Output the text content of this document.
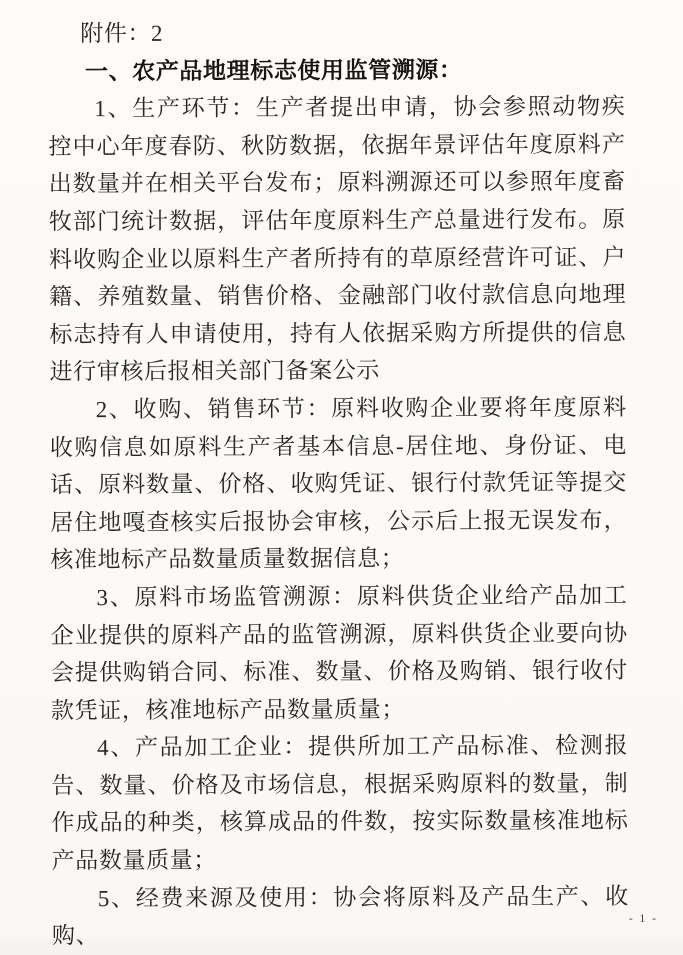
附件：2

一、农产品地理标志使用监管溯源：

1、生产环节：生产者提出申请，协会参照动物疾控中心年度春防、秋防数据，依据年景评估年度原料产出数量并在相关平台发布；原料溯源还可以参照年度畜牧部门统计数据，评估年度原料生产总量进行发布。原料收购企业以原料生产者所持有的草原经营许可证、户籍、养殖数量、销售价格、金融部门收付款信息向地理标志持有人申请使用，持有人依据采购方所提供的信息进行审核后报相关部门备案公示

2、收购、销售环节：原料收购企业要将年度原料收购信息如原料生产者基本信息-居住地、身份证、电话、原料数量、价格、收购凭证、银行付款凭证等提交居住地嘎查核实后报协会审核，公示后上报无误发布，核准地标产品数量质量数据信息；

3、原料市场监管溯源：原料供货企业给产品加工企业提供的原料产品的监管溯源，原料供货企业要向协会提供购销合同、标准、数量、价格及购销、银行收付款凭证，核准地标产品数量质量；

4、产品加工企业：提供所加工产品标准、检测报告、数量、价格及市场信息，根据采购原料的数量，制作成品的种类，核算成品的件数，按实际数量核准地标产品数量质量；

5、经费来源及使用：协会将原料及产品生产、收购、

- 1 -
